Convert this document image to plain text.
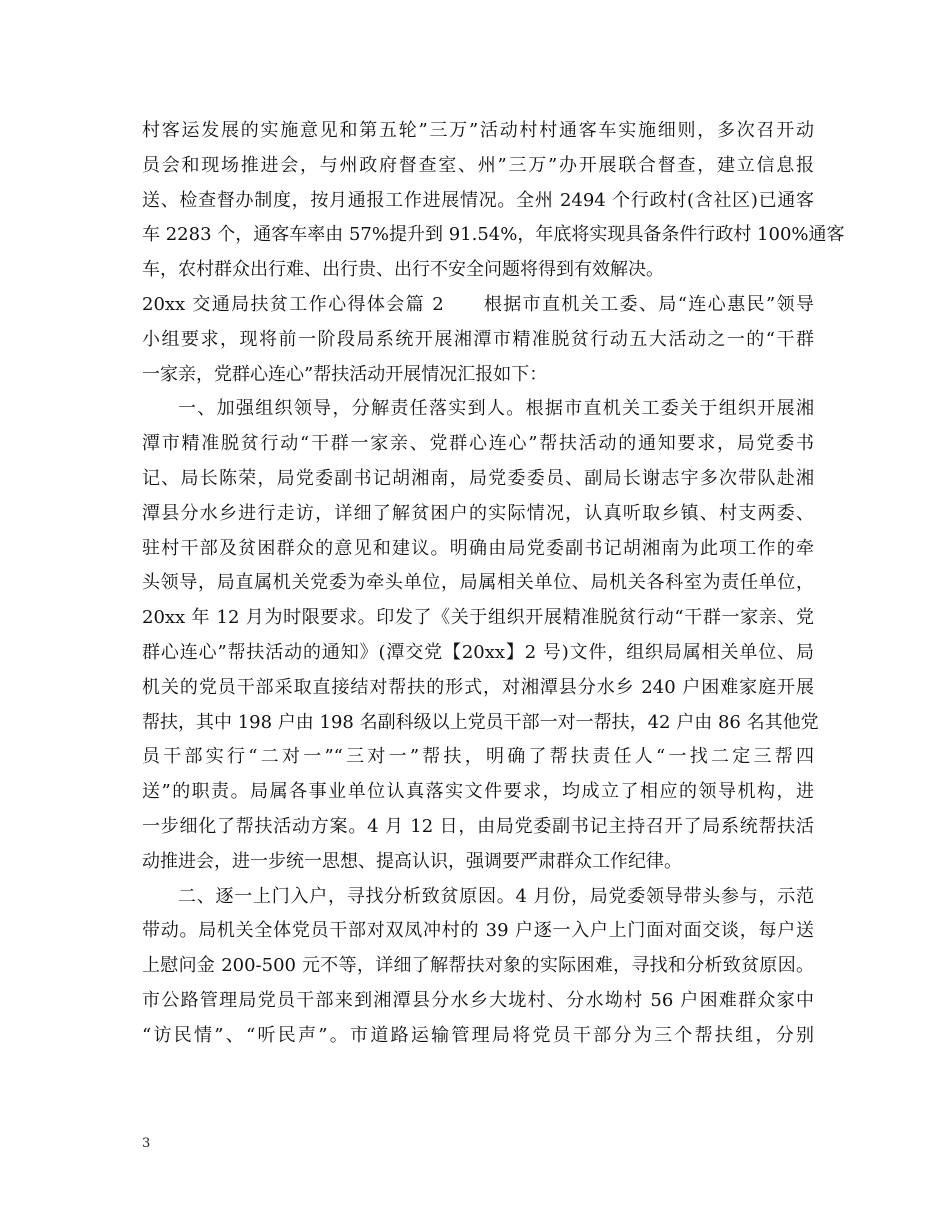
村客运发展的实施意见和第五轮”三万”活动村村通客车实施细则，多次召开动
员会和现场推进会，与州政府督查室、州”三万”办开展联合督查，建立信息报
送、检查督办制度，按月通报工作进展情况。全州 2494 个行政村(含社区)已通客
车 2283 个，通客车率由 57%提升到 91.54%，年底将实现具备条件行政村 100%通客
车，农村群众出行难、出行贵、出行不安全问题将得到有效解决。
20xx 交通局扶贫工作心得体会篇 2　　根据市直机关工委、局“连心惠民”领导
小组要求，现将前一阶段局系统开展湘潭市精准脱贫行动五大活动之一的“干群
一家亲，党群心连心”帮扶活动开展情况汇报如下：
一、加强组织领导，分解责任落实到人。根据市直机关工委关于组织开展湘
潭市精准脱贫行动“干群一家亲、党群心连心”帮扶活动的通知要求，局党委书
记、局长陈荣，局党委副书记胡湘南，局党委委员、副局长谢志宇多次带队赴湘
潭县分水乡进行走访，详细了解贫困户的实际情况，认真听取乡镇、村支两委、
驻村干部及贫困群众的意见和建议。明确由局党委副书记胡湘南为此项工作的牵
头领导，局直属机关党委为牵头单位，局属相关单位、局机关各科室为责任单位，
20xx 年 12 月为时限要求。印发了《关于组织开展精准脱贫行动“干群一家亲、党
群心连心”帮扶活动的通知》(潭交党【20xx】2 号)文件，组织局属相关单位、局
机关的党员干部采取直接结对帮扶的形式，对湘潭县分水乡 240 户困难家庭开展
帮扶，其中 198 户由 198 名副科级以上党员干部一对一帮扶，42 户由 86 名其他党
员干部实行“二对一”“三对一”帮扶，明确了帮扶责任人“一找二定三帮四
送”的职责。局属各事业单位认真落实文件要求，均成立了相应的领导机构，进
一步细化了帮扶活动方案。4 月 12 日，由局党委副书记主持召开了局系统帮扶活
动推进会，进一步统一思想、提高认识，强调要严肃群众工作纪律。
二、逐一上门入户，寻找分析致贫原因。4 月份，局党委领导带头参与，示范
带动。局机关全体党员干部对双凤冲村的 39 户逐一入户上门面对面交谈，每户送
上慰问金 200-500 元不等，详细了解帮扶对象的实际困难，寻找和分析致贫原因。
市公路管理局党员干部来到湘潭县分水乡大垅村、分水坳村 56 户困难群众家中
“访民情”、“听民声”。市道路运输管理局将党员干部分为三个帮扶组，分别
3
